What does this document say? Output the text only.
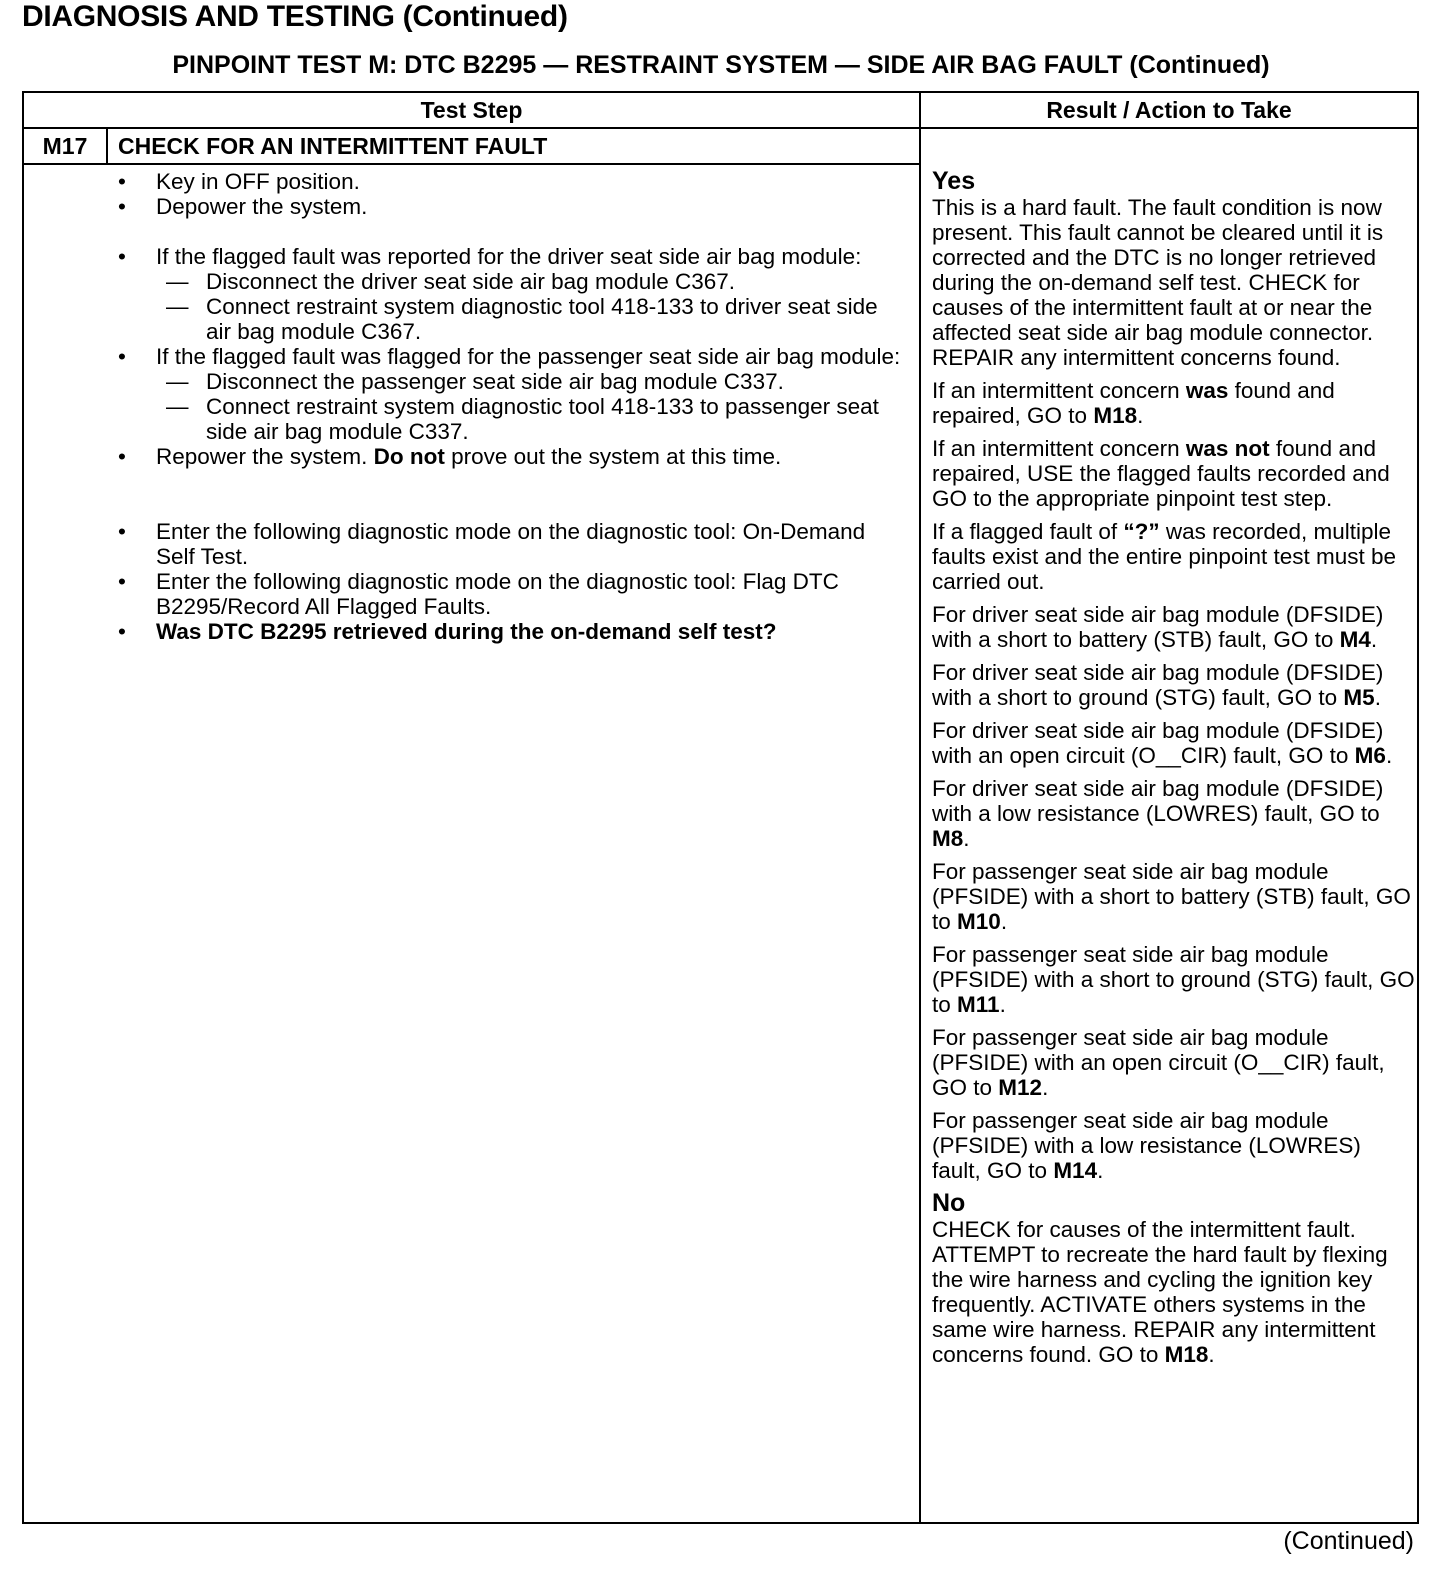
DIAGNOSIS AND TESTING (Continued)
PINPOINT TEST M: DTC B2295 — RESTRAINT SYSTEM — SIDE AIR BAG FAULT (Continued)
Test Step	Result / Action to Take
M17	CHECK FOR AN INTERMITTENT FAULT
• Key in OFF position.
• Depower the system.
• If the flagged fault was reported for the driver seat side air bag module:
— Disconnect the driver seat side air bag module C367.
— Connect restraint system diagnostic tool 418-133 to driver seat side air bag module C367.
• If the flagged fault was flagged for the passenger seat side air bag module:
— Disconnect the passenger seat side air bag module C337.
— Connect restraint system diagnostic tool 418-133 to passenger seat side air bag module C337.
• Repower the system. Do not prove out the system at this time.
• Enter the following diagnostic mode on the diagnostic tool: On-Demand Self Test.
• Enter the following diagnostic mode on the diagnostic tool: Flag DTC B2295/Record All Flagged Faults.
• Was DTC B2295 retrieved during the on-demand self test?
Yes

This is a hard fault. The fault condition is now present. This fault cannot be cleared until it is corrected and the DTC is no longer retrieved during the on-demand self test. CHECK for causes of the intermittent fault at or near the affected seat side air bag module connector. REPAIR any intermittent concerns found.

If an intermittent concern was found and repaired, GO to M18.

If an intermittent concern was not found and repaired, USE the flagged faults recorded and GO to the appropriate pinpoint test step.

If a flagged fault of “?” was recorded, multiple faults exist and the entire pinpoint test must be carried out.

For driver seat side air bag module (DFSIDE) with a short to battery (STB) fault, GO to M4.

For driver seat side air bag module (DFSIDE) with a short to ground (STG) fault, GO to M5.

For driver seat side air bag module (DFSIDE) with an open circuit (O__CIR) fault, GO to M6.

For driver seat side air bag module (DFSIDE) with a low resistance (LOWRES) fault, GO to M8.

For passenger seat side air bag module (PFSIDE) with a short to battery (STB) fault, GO to M10.

For passenger seat side air bag module (PFSIDE) with a short to ground (STG) fault, GO to M11.

For passenger seat side air bag module (PFSIDE) with an open circuit (O__CIR) fault, GO to M12.

For passenger seat side air bag module (PFSIDE) with a low resistance (LOWRES) fault, GO to M14.

No

CHECK for causes of the intermittent fault. ATTEMPT to recreate the hard fault by flexing the wire harness and cycling the ignition key frequently. ACTIVATE others systems in the same wire harness. REPAIR any intermittent concerns found. GO to M18.

(Continued)
